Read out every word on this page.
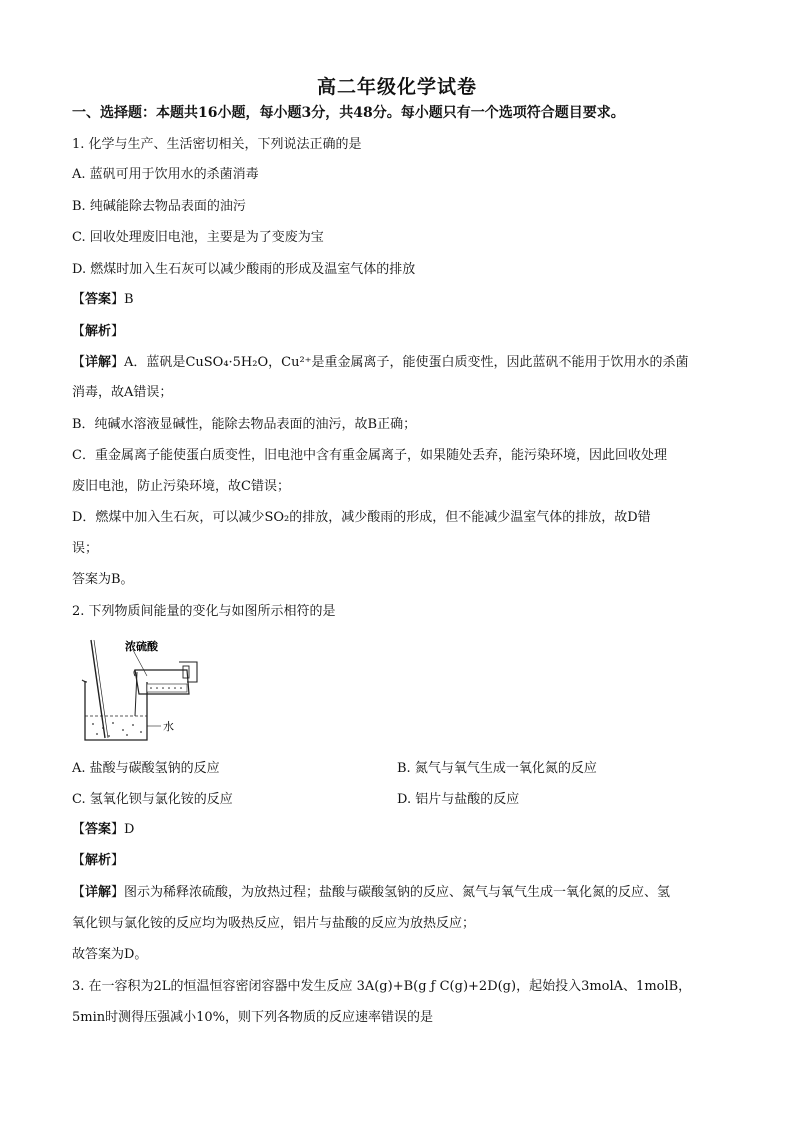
高二年级化学试卷
一、选择题：本题共16小题，每小题3分，共48分。每小题只有一个选项符合题目要求。
1. 化学与生产、生活密切相关，下列说法正确的是
A. 蓝矾可用于饮用水的杀菌消毒
B. 纯碱能除去物品表面的油污
C. 回收处理废旧电池，主要是为了变废为宝
D. 燃煤时加入生石灰可以减少酸雨的形成及温室气体的排放
【答案】B
【解析】
【详解】A．蓝矾是CuSO₄·5H₂O，Cu²⁺是重金属离子，能使蛋白质变性，因此蓝矾不能用于饮用水的杀菌
消毒，故A错误；
B．纯碱水溶液显碱性，能除去物品表面的油污，故B正确；
C．重金属离子能使蛋白质变性，旧电池中含有重金属离子，如果随处丢弃，能污染环境，因此回收处理
废旧电池，防止污染环境，故C错误；
D．燃煤中加入生石灰，可以减少SO₂的排放，减少酸雨的形成，但不能减少温室气体的排放，故D错
误；
答案为B。
2. 下列物质间能量的变化与如图所示相符的是
浓硫酸
水
A. 盐酸与碳酸氢钠的反应	B. 氮气与氧气生成一氧化氮的反应
C. 氢氧化钡与氯化铵的反应	D. 铝片与盐酸的反应
【答案】D
【解析】
【详解】图示为稀释浓硫酸，为放热过程；盐酸与碳酸氢钠的反应、氮气与氧气生成一氧化氮的反应、氢
氧化钡与氯化铵的反应均为吸热反应，铝片与盐酸的反应为放热反应；
故答案为D。
3. 在一容积为2L的恒温恒容密闭容器中发生反应 3A(g)+B(g ƒ C(g)+2D(g)，起始投入3molA、1molB，
5min时测得压强减小10%，则下列各物质的反应速率错误的是
